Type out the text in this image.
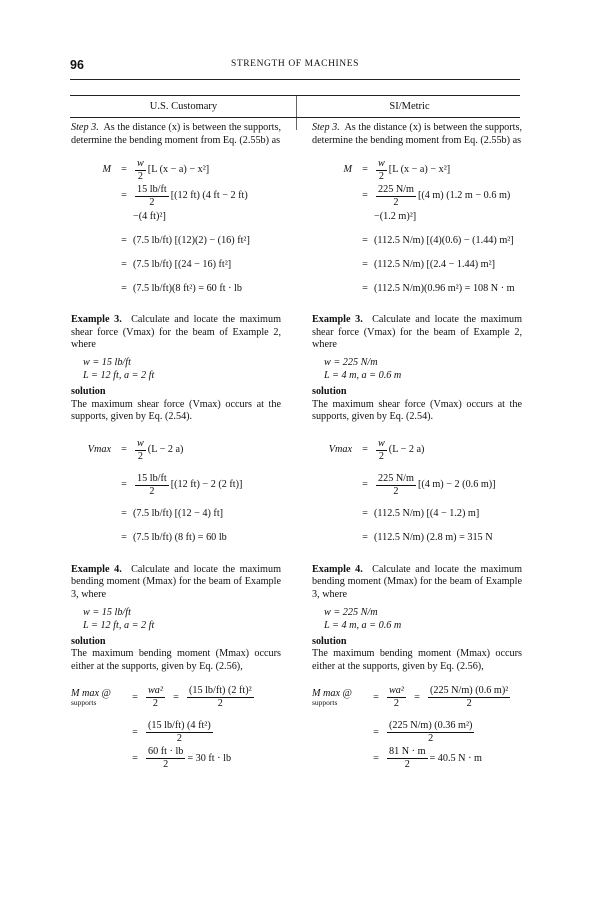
96	STRENGTH OF MACHINES
U.S. Customary	SI/Metric

Step 3. As the distance (x) is between the supports, determine the bending moment from Eq. (2.55b) as

$M = \frac{w}{2} [L$ (x − a) − x²]
= $\frac{15 lb/ft}{2} [(12$ ft) (4 ft − 2 ft)
−(4 ft)²]
= (7.5 lb/ft) [(12)(2) − (16) ft²]
= (7.5 lb/ft) [(24 − 16) ft²]
= (7.5 lb/ft)(8 ft²) = 60 ft · lb

Example 3. Calculate and locate the maximum shear force (Vmax) for the beam of Example 2, where

w = 15 lb/ft
L = 12 ft, a = 2 ft

solution

The maximum shear force (Vmax) occurs at the supports, given by Eq. (2.54).

$Vmax = \frac{w}{2} (L - 2$ a)
= $\frac{15 lb/ft}{2} [(12$ ft) − 2 (2 ft)]
= (7.5 lb/ft) [(12 − 4) ft]
= (7.5 lb/ft) (8 ft) = 60 lb

Example 4. Calculate and locate the maximum bending moment (Mmax) for the beam of Example 3, where

w = 15 lb/ft
L = 12 ft, a = 2 ft

solution

The maximum bending moment (Mmax) occurs either at the supports, given by Eq. (2.56),

M max @
supports
= $\frac{\text{wa²}}{2} = \frac{\text{(15 lb/ft) (2 ft)²}}{2}$
= $\frac{\text{(15 lb/ft) (4 ft²)}}{2}$
= $\frac{60 ft \cdot lb}{2} = 30$ ft · lb

Step 3. As the distance (x) is between the supports, determine the bending moment from Eq. (2.55b) as

$M = \frac{w}{2} [L$ (x − a) − x²]
= $\frac{225 N/m}{2} [(4$ m) (1.2 m − 0.6 m)
−(1.2 m)²]
= (112.5 N/m) [(4)(0.6) − (1.44) m²]
= (112.5 N/m) [(2.4 − 1.44) m²]
= (112.5 N/m)(0.96 m²) = 108 N · m

Example 3. Calculate and locate the maximum shear force (Vmax) for the beam of Example 2, where

w = 225 N/m
L = 4 m, a = 0.6 m

solution

The maximum shear force (Vmax) occurs at the supports, given by Eq. (2.54).

$Vmax = \frac{w}{2} (L - 2$ a)
= $\frac{225 N/m}{2} [(4$ m) − 2 (0.6 m)]
= (112.5 N/m) [(4 − 1.2) m]
= (112.5 N/m) (2.8 m) = 315 N

Example 4. Calculate and locate the maximum bending moment (Mmax) for the beam of Example 3, where

w = 225 N/m
L = 4 m, a = 0.6 m

solution

The maximum bending moment (Mmax) occurs either at the supports, given by Eq. (2.56),

M max @
supports
= $\frac{\text{wa²}}{2} = \frac{\text{(225 N/m) (0.6 m)²}}{2}$
= $\frac{\text{(225 N/m) (0.36 m²)}}{2}$
= $\frac{81 N \cdot m}{2} = 40.5$ N · m
